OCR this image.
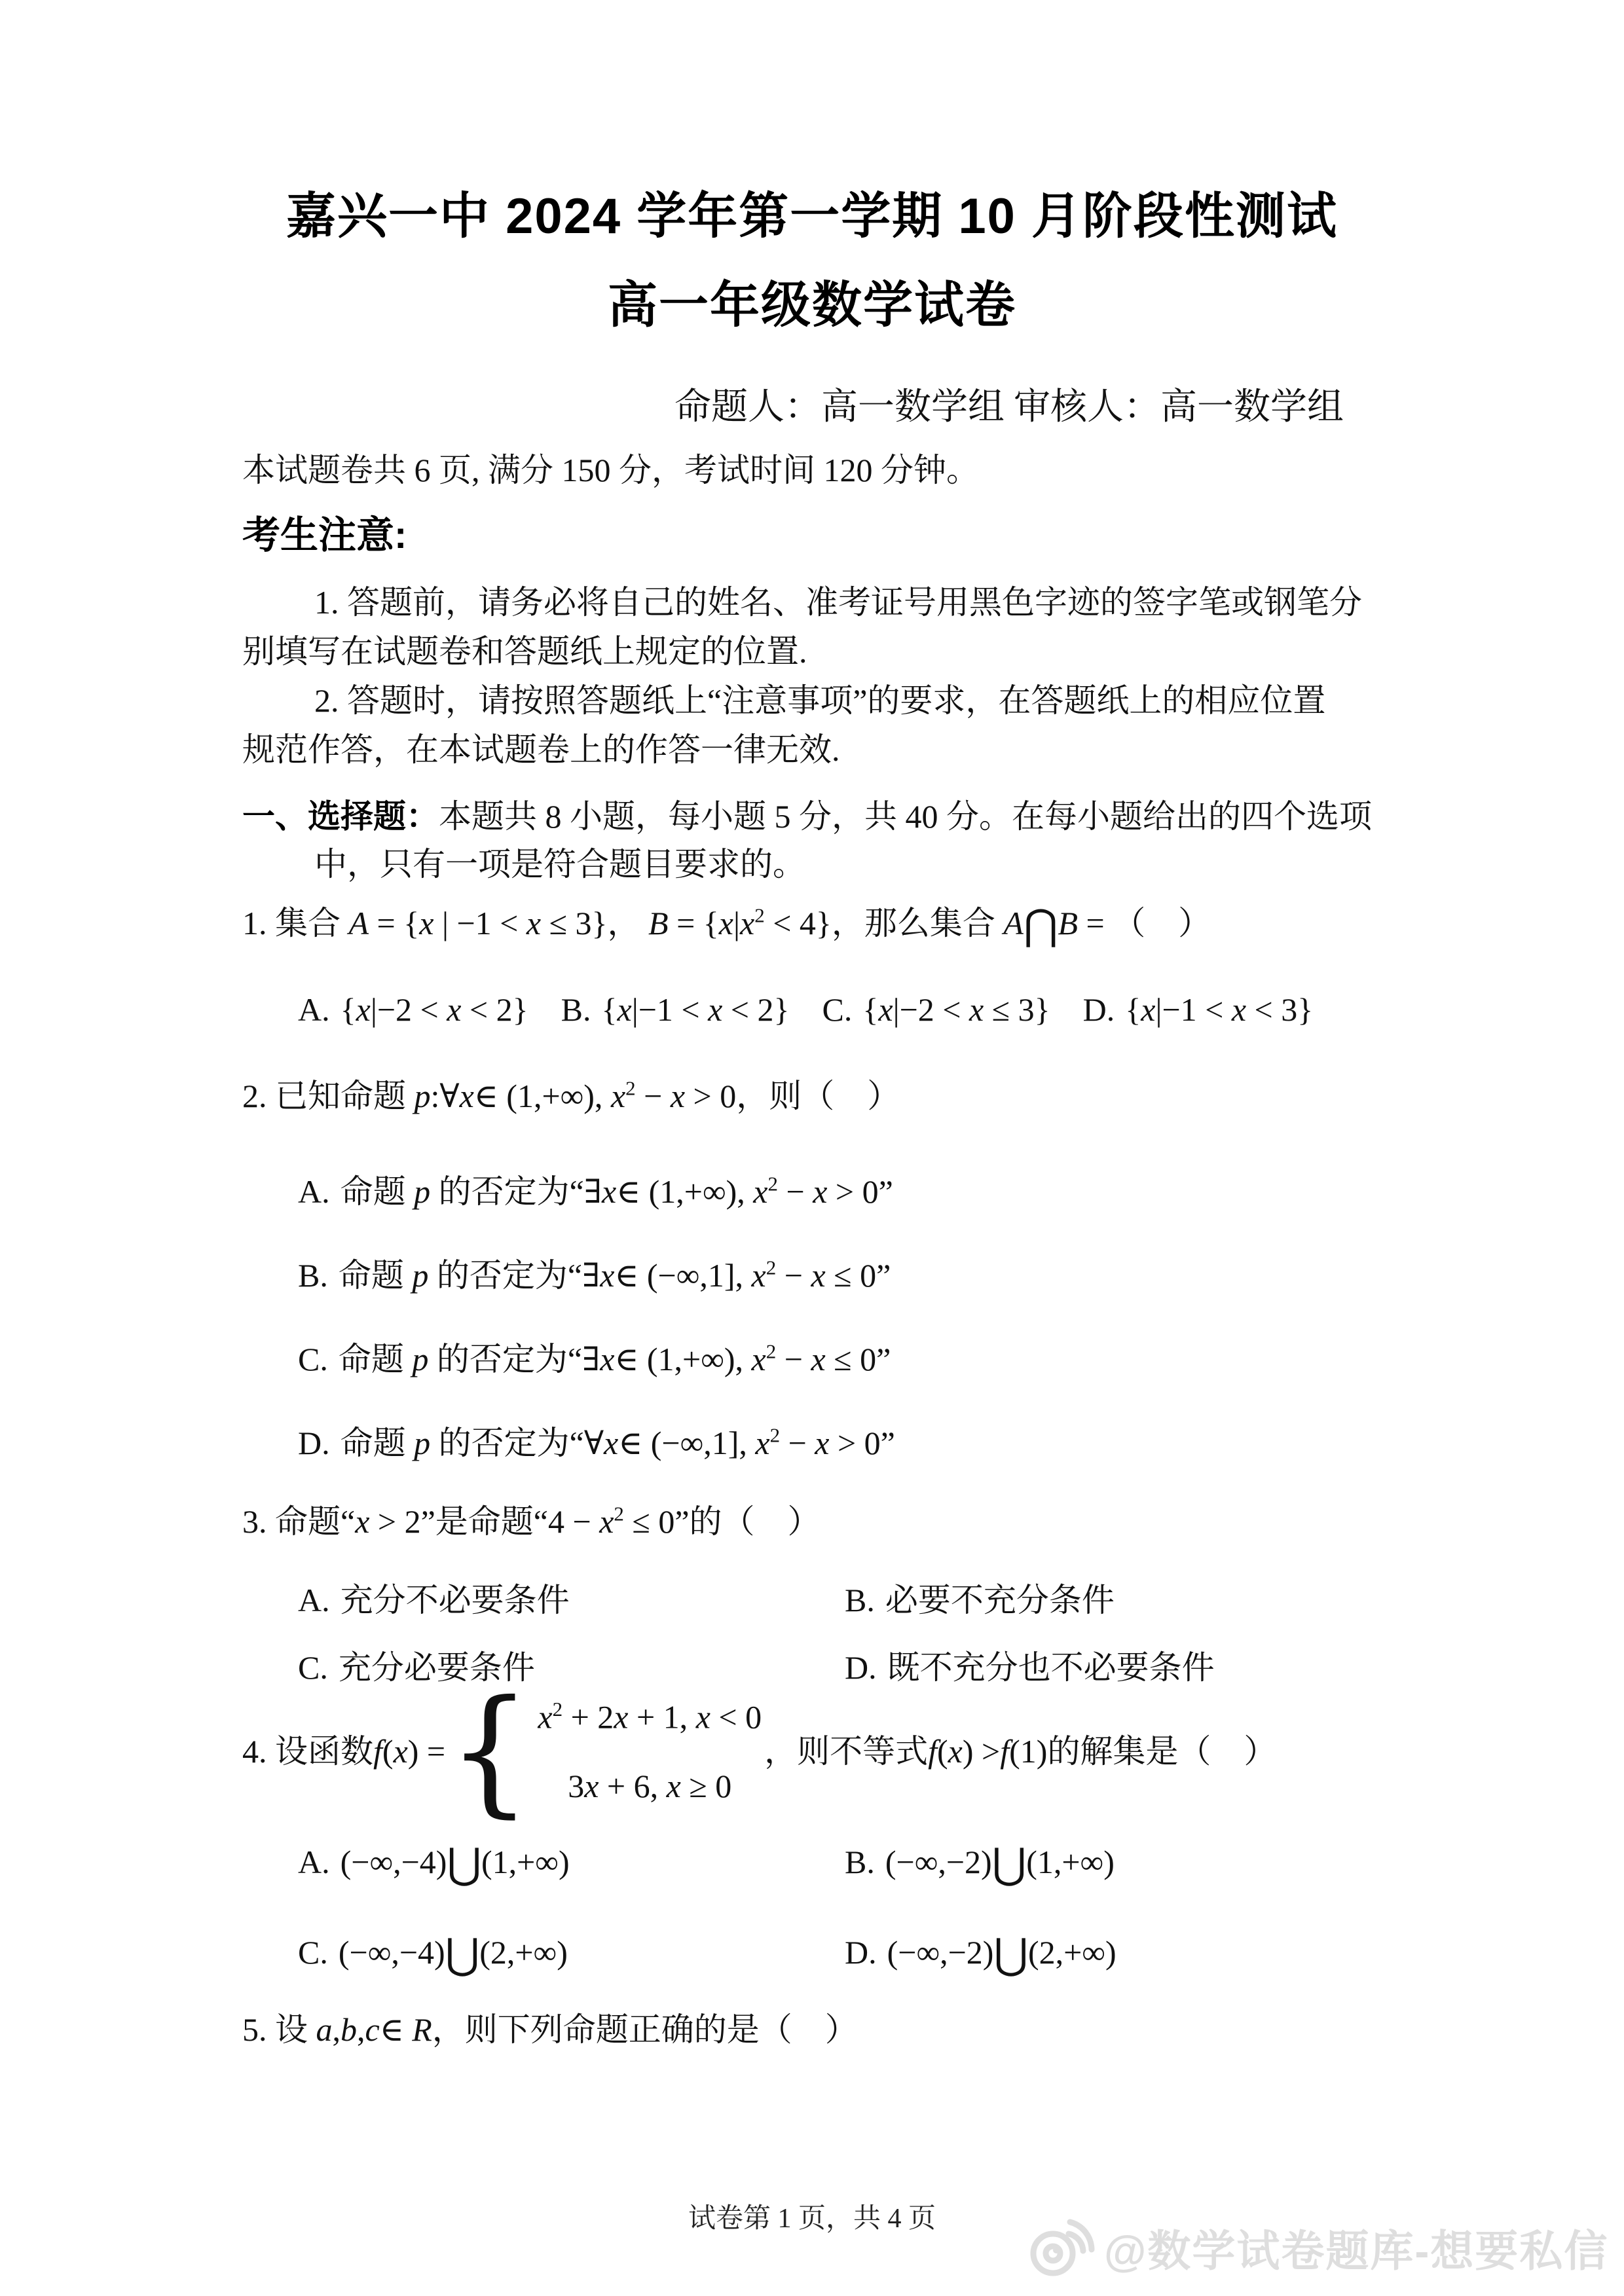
嘉兴一中 2024 学年第一学期 10 月阶段性测试
高一年级数学试卷
命题人：高一数学组 审核人：高一数学组
本试题卷共 6 页, 满分 150 分，考试时间 120 分钟。
考生注意:
1. 答题前，请务必将自己的姓名、准考证号用黑色字迹的签字笔或钢笔分
别填写在试题卷和答题纸上规定的位置.
2. 答题时，请按照答题纸上“注意事项”的要求，在答题纸上的相应位置
规范作答，在本试题卷上的作答一律无效.
一、选择题：本题共 8 小题，每小题 5 分，共 40 分。在每小题给出的四个选项
中，只有一项是符合题目要求的。
1. 集合 A = {x | −1 < x ≤ 3}， $B = \{x|x^2 < 4\}$，那么集合 A⋂B = （　）
A. {x|−2 < x < 2} B. {x|−1 < x < 2} C. {x|−2 < x ≤ 3} D. {x|−1 < x < 3}
2. 已知命题 p:∀x∈ (1,+∞), $x^2 - x > 0$，则（　）
A. 命题 p 的否定为“∃x∈ (1,+∞), $x^2 - x > 0$”
B. 命题 p 的否定为“∃x∈ (−∞,1], $x^2 - x \le 0$”
C. 命题 p 的否定为“∃x∈ (1,+∞), $x^2 - x \le 0$”
D. 命题 p 的否定为“∀x∈ (−∞,1], $x^2 - x > 0$”
3. 命题“x > 2”是命题“$4 - x^2 \le 0$”的（　）
A. 充分不必要条件	B. 必要不充分条件
C. 充分必要条件	D. 既不充分也不必要条件
4. 设函数 f ( x ) = { $x^2 + 2x + 1$, x < 0
3x + 6, x ≥ 0
，则不等式 f ( x ) > f (1) 的解集是（　）
A. (−∞,−4)⋃(1,+∞)	B. (−∞,−2)⋃(1,+∞)
C. (−∞,−4)⋃(2,+∞)	D. (−∞,−2)⋃(2,+∞)
5. 设 a,b,c∈ R，则下列命题正确的是（　）
试卷第 1 页，共 4 页
@数学试卷题库-想要私信
